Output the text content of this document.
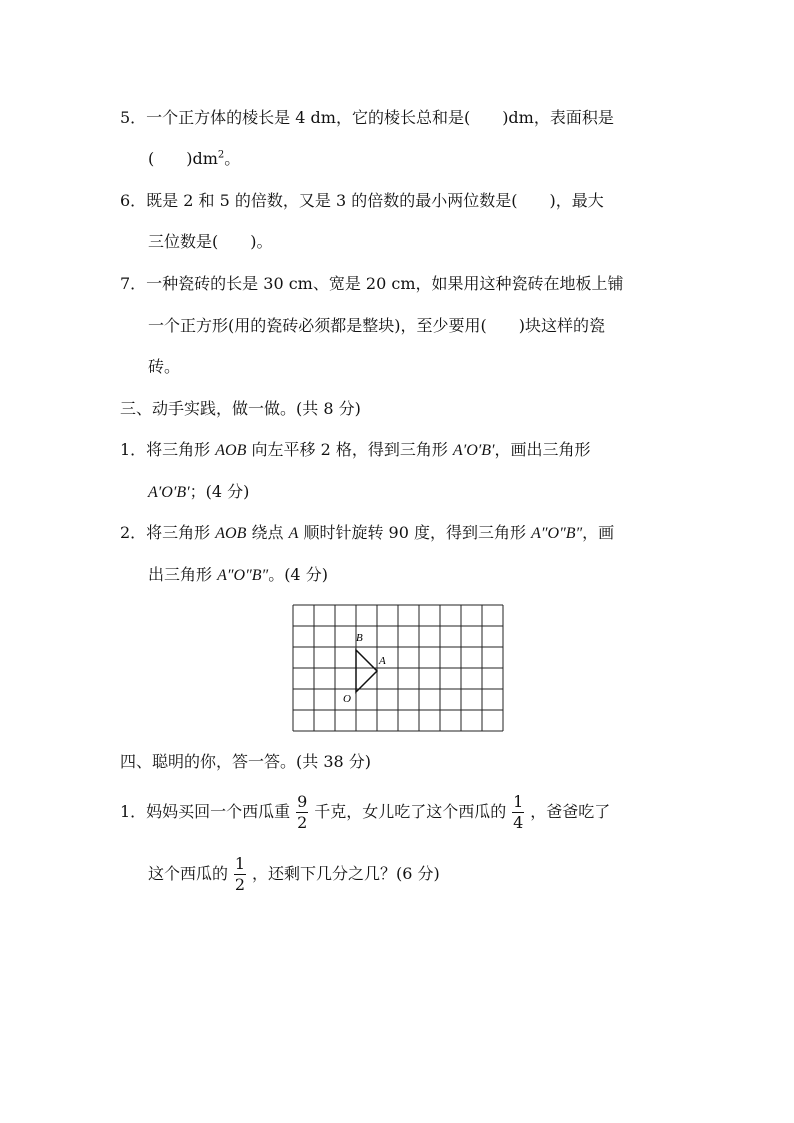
5．一个正方体的棱长是 4 dm，它的棱长总和是(　　)dm，表面积是
(　　)$dm^2$。
6．既是 2 和 5 的倍数，又是 3 的倍数的最小两位数是(　　)，最大
三位数是(　　)。
7．一种瓷砖的长是 30 cm、宽是 20 cm，如果用这种瓷砖在地板上铺
一个正方形(用的瓷砖必须都是整块)，至少要用(　　)块这样的瓷
砖。
三、动手实践，做一做。(共 8 分)
1．将三角形 AOB 向左平移 2 格，得到三角形 A′O′B′，画出三角形
A′O′B′；(4 分)
2．将三角形 AOB 绕点 A 顺时针旋转 90 度，得到三角形 A″O″B″，画
出三角形 A″O″B″。(4 分)
B
A
O
四、聪明的你，答一答。(共 38 分)
1．妈妈买回一个西瓜重 $\frac{9}{2}$ 千克，女儿吃了这个西瓜的 $\frac{1}{4}$ ，爸爸吃了
这个西瓜的 $\frac{1}{2}$ ，还剩下几分之几？(6 分)
